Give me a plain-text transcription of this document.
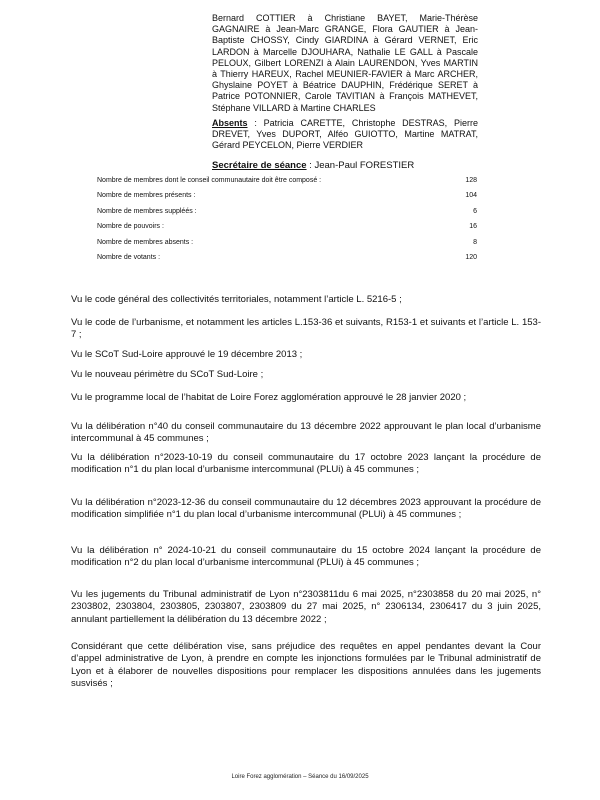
Bernard COTTIER à Christiane BAYET, Marie-Thérèse GAGNAIRE à Jean-Marc GRANGE, Flora GAUTIER à Jean-Baptiste CHOSSY, Cindy GIARDINA à Gérard VERNET, Eric LARDON à Marcelle DJOUHARA, Nathalie LE GALL à Pascale PELOUX, Gilbert LORENZI à Alain LAURENDON, Yves MARTIN à Thierry HAREUX, Rachel MEUNIER-FAVIER à Marc ARCHER, Ghyslaine POYET à Béatrice DAUPHIN, Frédérique SERET à Patrice POTONNIER, Carole TAVITIAN à François MATHEVET, Stéphane VILLARD à Martine CHARLES
Absents : Patricia CARETTE, Christophe DESTRAS, Pierre DREVET, Yves DUPORT, Alféo GUIOTTO, Martine MATRAT, Gérard PEYCELON, Pierre VERDIER
Secrétaire de séance : Jean-Paul FORESTIER
Nombre de membres dont le conseil communautaire doit être composé :	128
Nombre de membres présents :	104
Nombre de membres suppléés :	6
Nombre de pouvoirs :	16
Nombre de membres absents :	8
Nombre de votants :	120
Vu le code général des collectivités territoriales, notamment l’article L. 5216-5 ;
Vu le code de l’urbanisme, et notamment les articles L.153-36 et suivants, R153-1 et suivants et l’article L. 153-7 ;
Vu le SCoT Sud-Loire approuvé le 19 décembre 2013 ;
Vu le nouveau périmètre du SCoT Sud-Loire ;
Vu le programme local de l’habitat de Loire Forez agglomération approuvé le 28 janvier 2020 ;
Vu la délibération n°40 du conseil communautaire du 13 décembre 2022 approuvant le plan local d’urbanisme intercommunal à 45 communes ;
Vu la délibération n°2023-10-19 du conseil communautaire du 17 octobre 2023 lançant la procédure de modification n°1 du plan local d’urbanisme intercommunal (PLUi) à 45 communes ;
Vu la délibération n°2023-12-36 du conseil communautaire du 12 décembres 2023 approuvant la procédure de modification simplifiée n°1 du plan local d’urbanisme intercommunal (PLUi) à 45 communes ;
Vu la délibération n° 2024-10-21 du conseil communautaire du 15 octobre 2024 lançant la procédure de modification n°2 du plan local d’urbanisme intercommunal (PLUi) à 45 communes ;
Vu les jugements du Tribunal administratif de Lyon n°2303811du 6 mai 2025, n°2303858 du 20 mai 2025, n° 2303802, 2303804, 2303805, 2303807, 2303809 du 27 mai 2025, n° 2306134, 2306417 du 3 juin 2025, annulant partiellement la délibération du 13 décembre 2022 ;
Considérant que cette délibération vise, sans préjudice des requêtes en appel pendantes devant la Cour d’appel administrative de Lyon, à prendre en compte les injonctions formulées par le Tribunal administratif de Lyon et à élaborer de nouvelles dispositions pour remplacer les dispositions annulées dans les jugements susvisés ;
Loire Forez agglomération – Séance du 16/09/2025
